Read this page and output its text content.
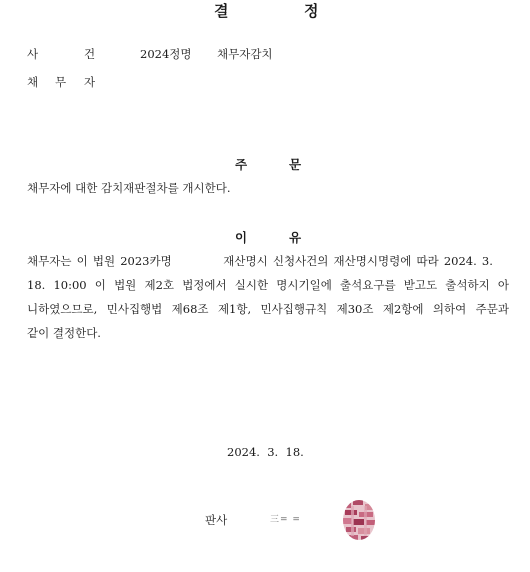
결	정
사	건	2024정명 채무자감치
채 무 자
주	문
채무자에 대한 감치재판절차를 개시한다.
이	유
채무자는 이 법원 2023카명          재산명시 신청사건의 재산명시명령에 따라 2024. 3.
18. 10:00 이 법원 제2호 법정에서 실시한 명시기일에 출석요구를 받고도 출석하지 아
니하였으므로, 민사집행법 제68조 제1항, 민사집행규칙 제30조 제2항에 의하여 주문과
같이 결정한다.
2024.  3.  18.
판사	三= =
